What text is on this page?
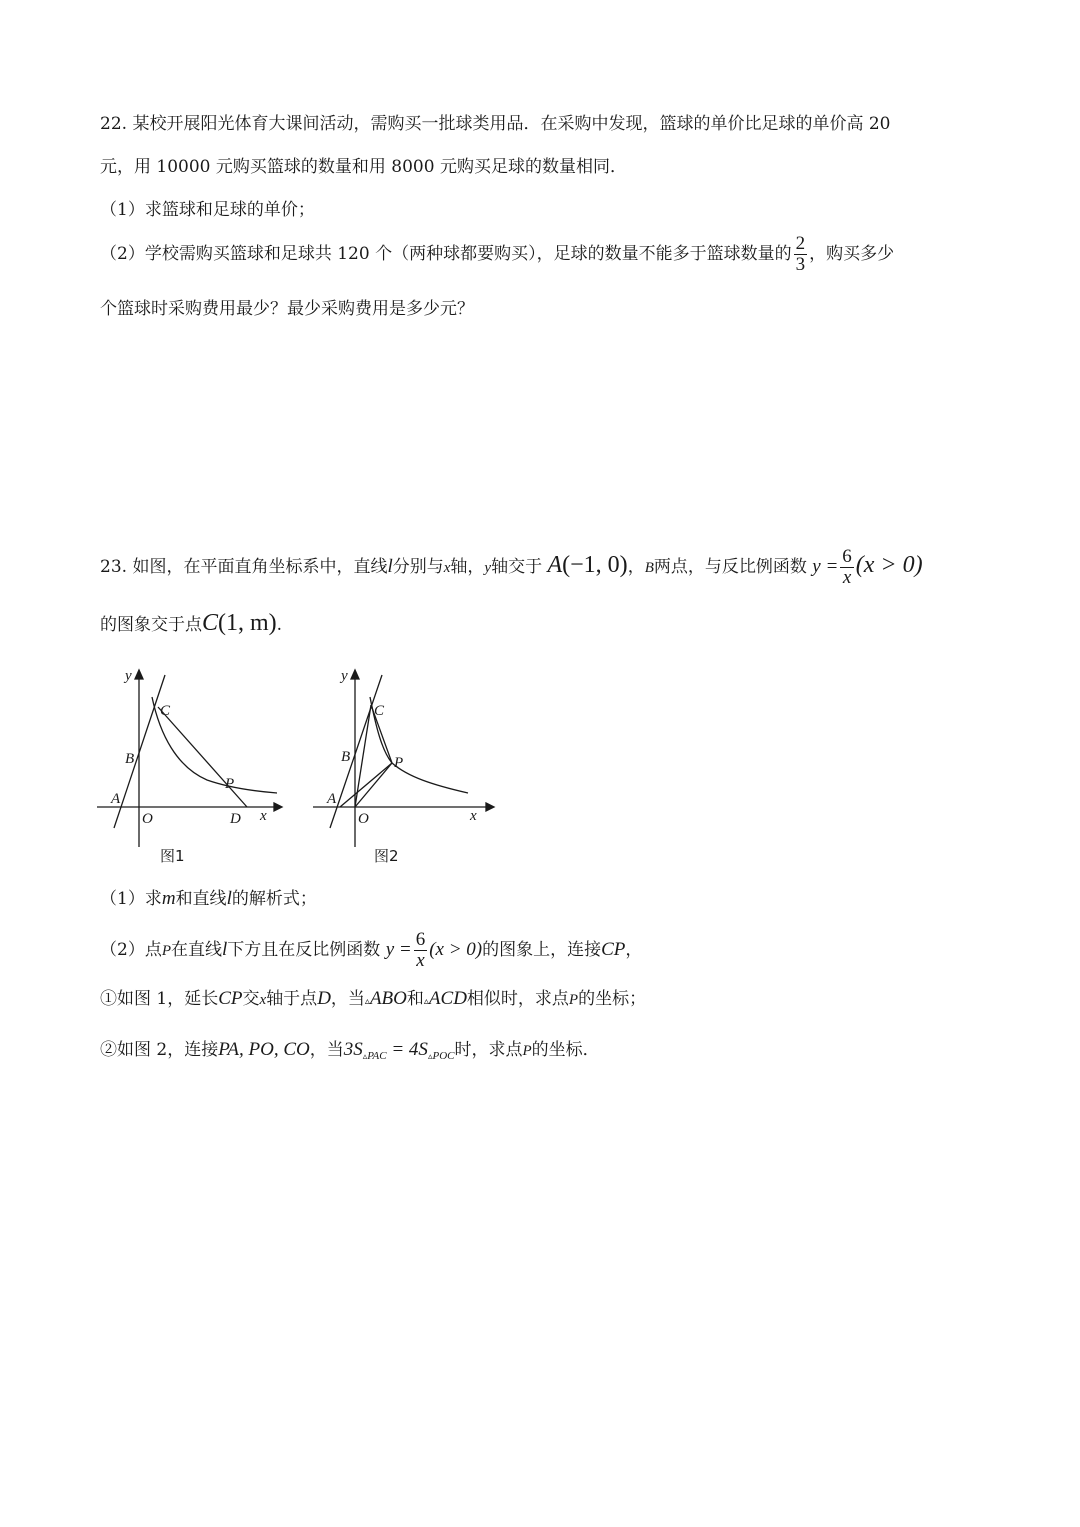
22. 某校开展阳光体育大课间活动，需购买一批球类用品．在采购中发现，篮球的单价比足球的单价高 20
元，用 10000 元购买篮球的数量和用 8000 元购买足球的数量相同．
（1）求篮球和足球的单价；
（2）学校需购买篮球和足球共 120 个（两种球都要购买），足球的数量不能多于篮球数量的 $\frac{2}{3}$ ，购买多少
个篮球时采购费用最少？最少采购费用是多少元？
23. 如图，在平面直角坐标系中，直线l分别与x轴，y轴交于 A(−1, 0)，B两点，与反比例函数 $y = \frac{6}{x} (x > 0)$
的图象交于点C(1, m).
y
x
O
A
B
C
P
D
图1
y
x
O
A
B
C
P
图2
（1）求m和直线l的解析式；
（2）点P在直线l下方且在反比例函数 $y = \frac{6}{x} (x > 0)$的图象上，连接CP，
①如图 1，延长CP交x轴于点D，当▵ABO和▵ACD相似时，求点P的坐标；
②如图 2，连接PA, PO, CO，当$3S_{▵PAC} = 4S_{▵POC}$时，求点P的坐标．
